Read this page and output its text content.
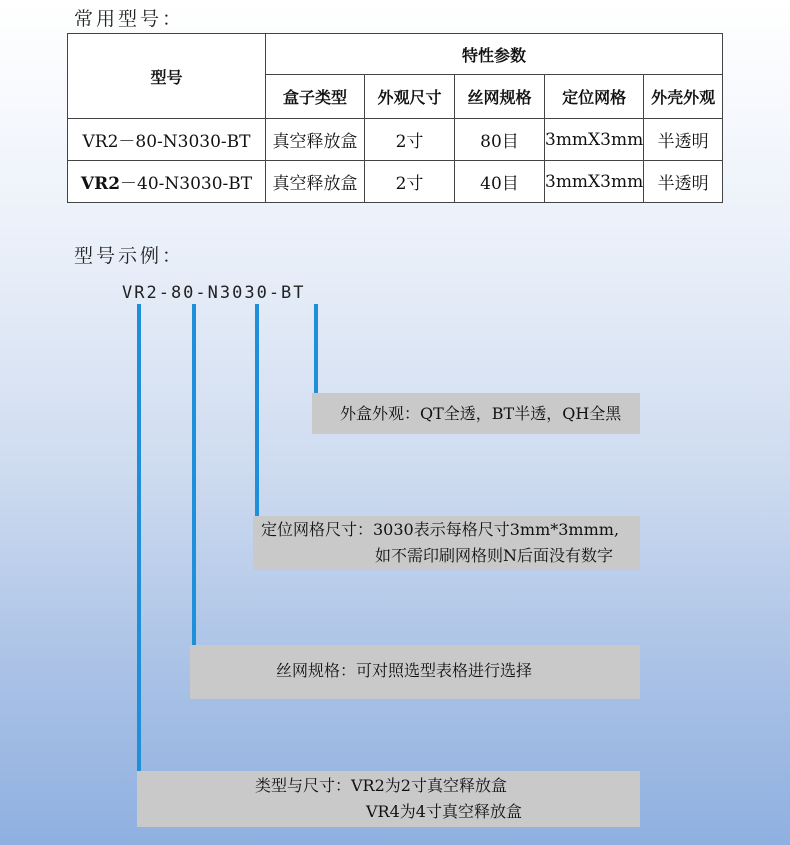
常用型号：
型号	特性参数				
	盒子类型	外观尺寸	丝网规格	定位网格	外壳外观
VR2－80-N3030-BT	真空释放盒	2寸	80目	3mmX3mm	半透明
VR2－40-N3030-BT	真空释放盒	2寸	40目	3mmX3mm	半透明
型号示例：
VR2-80-N3030-BT
外盒外观：QT全透，BT半透，QH全黑
定位网格尺寸：3030表示每格尺寸3mm*3mmm,
如不需印刷网格则N后面没有数字
丝网规格：可对照选型表格进行选择
类型与尺寸：VR2为2寸真空释放盒
VR4为4寸真空释放盒
